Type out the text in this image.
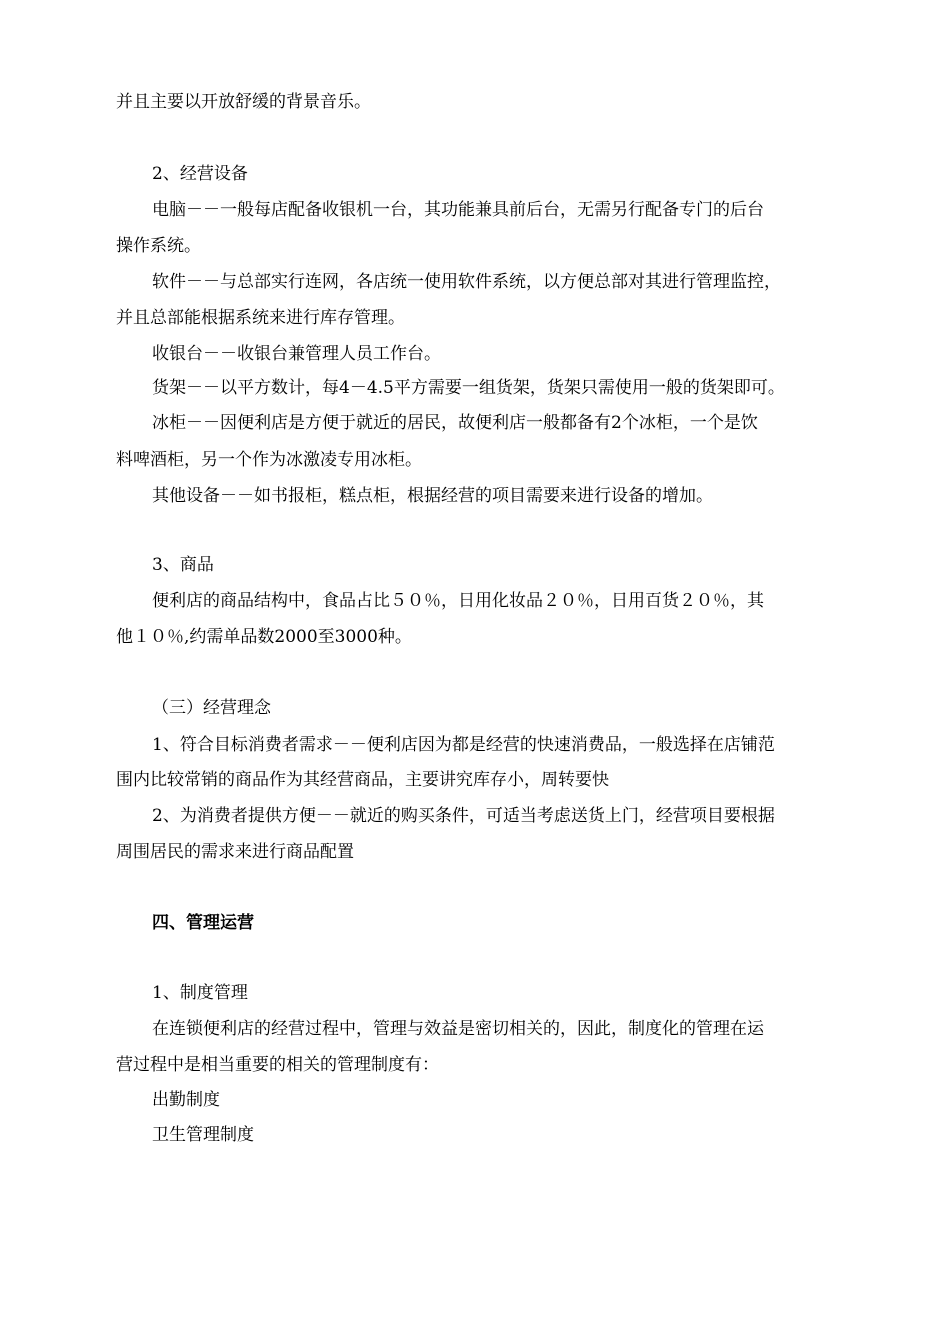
并且主要以开放舒缓的背景音乐。
2、经营设备
电脑－－一般每店配备收银机一台，其功能兼具前后台，无需另行配备专门的后台
操作系统。
软件－－与总部实行连网，各店统一使用软件系统，以方便总部对其进行管理监控，
并且总部能根据系统来进行库存管理。
收银台－－收银台兼管理人员工作台。
货架－－以平方数计，每4－4.5平方需要一组货架，货架只需使用一般的货架即可。
冰柜－－因便利店是方便于就近的居民，故便利店一般都备有2个冰柜，一个是饮
料啤酒柜，另一个作为冰激凌专用冰柜。
其他设备－－如书报柜，糕点柜，根据经营的项目需要来进行设备的增加。
3、商品
便利店的商品结构中，食品占比５０％，日用化妆品２０％，日用百货２０％，其
他１０％,约需单品数2000至3000种。
（三）经营理念
1、符合目标消费者需求－－便利店因为都是经营的快速消费品，一般选择在店铺范
围内比较常销的商品作为其经营商品，主要讲究库存小，周转要快
2、为消费者提供方便－－就近的购买条件，可适当考虑送货上门，经营项目要根据
周围居民的需求来进行商品配置
四、管理运营
1、制度管理
在连锁便利店的经营过程中，管理与效益是密切相关的，因此，制度化的管理在运
营过程中是相当重要的相关的管理制度有：
出勤制度
卫生管理制度
